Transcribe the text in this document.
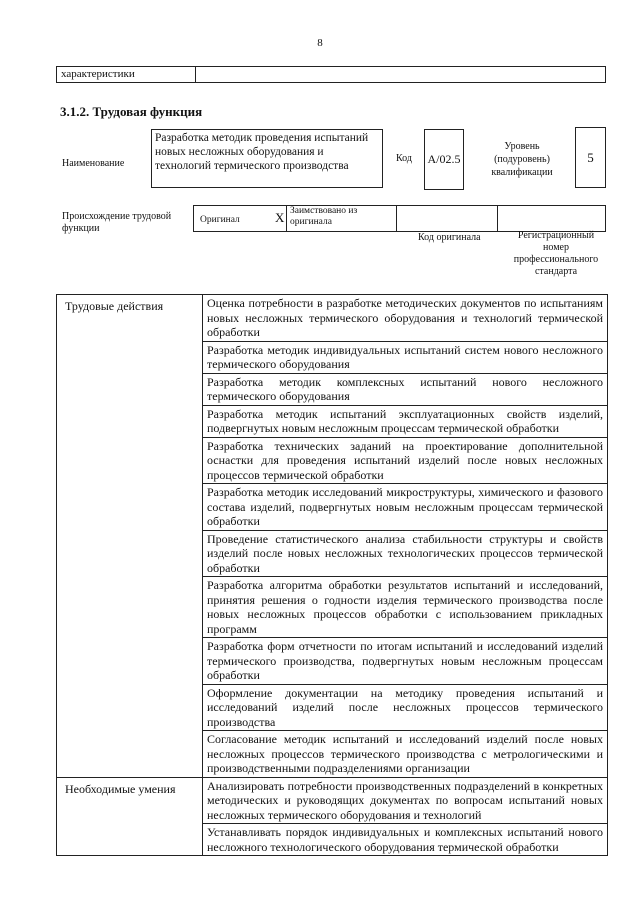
8
характеристики
3.1.2. Трудовая функция
Наименование
Разработка методик проведения испытаний новых несложных оборудования и технологий термического производства
Код A/02.5
Уровень (подуровень) квалификации
5
Происхождение трудовой функции
Оригинал	X Заимствовано из оригинала
Код оригинала	Регистрационный номер профессионального стандарта
Трудовые действия	Оценка потребности в разработке методических документов по испытаниям новых несложных термического оборудования и технологий термической обработки
	Разработка методик индивидуальных испытаний систем нового несложного термического оборудования
	Разработка методик комплексных испытаний нового несложного термического оборудования
	Разработка методик испытаний эксплуатационных свойств изделий, подвергнутых новым несложным процессам термической обработки
	Разработка технических заданий на проектирование дополнительной оснастки для проведения испытаний изделий после новых несложных процессов термической обработки
	Разработка методик исследований микроструктуры, химического и фазового состава изделий, подвергнутых новым несложным процессам термической обработки
	Проведение статистического анализа стабильности структуры и свойств изделий после новых несложных технологических процессов термической обработки
	Разработка алгоритма обработки результатов испытаний и исследований, принятия решения о годности изделия термического производства после новых несложных процессов обработки с использованием прикладных программ
	Разработка форм отчетности по итогам испытаний и исследований изделий термического производства, подвергнутых новым несложным процессам обработки
	Оформление документации на методику проведения испытаний и исследований изделий после несложных процессов термического производства
	Согласование методик испытаний и исследований изделий после новых несложных процессов термического производства с метрологическими и производственными подразделениями организации
Необходимые умения	Анализировать потребности производственных подразделений в конкретных методических и руководящих документах по вопросам испытаний новых несложных термического оборудования и технологий
	Устанавливать порядок индивидуальных и комплексных испытаний нового несложного технологического оборудования термической обработки
